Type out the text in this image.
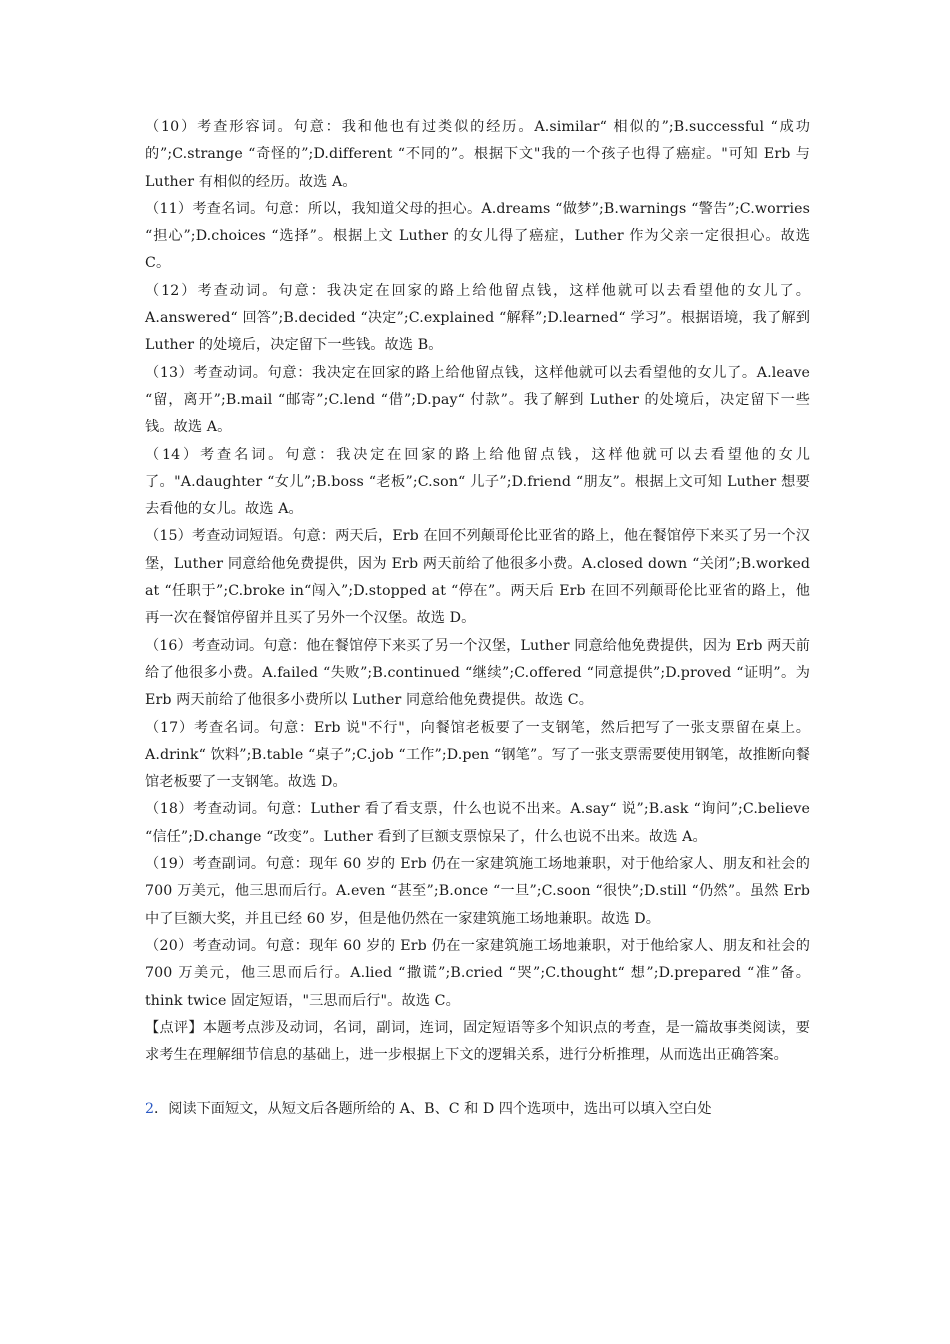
（10）考查形容词。句意：我和他也有过类似的经历。A.similar“ 相似的”;B.successful “成功的”;C.strange “奇怪的”;D.different “不同的”。根据下文"我的一个孩子也得了癌症。"可知 Erb 与 Luther 有相似的经历。故选 A。

（11）考查名词。句意：所以，我知道父母的担心。A.dreams “做梦”;B.warnings “警告”;C.worries “担心”;D.choices “选择”。根据上文 Luther 的女儿得了癌症，Luther 作为父亲一定很担心。故选 C。

（12）考查动词。句意：我决定在回家的路上给他留点钱，这样他就可以去看望他的女儿了。A.answered“ 回答”;B.decided “决定”;C.explained “解释”;D.learned“ 学习”。根据语境，我了解到 Luther 的处境后，决定留下一些钱。故选 B。

（13）考查动词。句意：我决定在回家的路上给他留点钱，这样他就可以去看望他的女儿了。A.leave “留，离开”;B.mail “邮寄”;C.lend “借”;D.pay“ 付款”。我了解到 Luther 的处境后，决定留下一些钱。故选 A。

（14）考查名词。句意：我决定在回家的路上给他留点钱，这样他就可以去看望他的女儿了。"A.daughter “女儿”;B.boss “老板”;C.son“ 儿子”;D.friend “朋友”。根据上文可知 Luther 想要去看他的女儿。故选 A。

（15）考查动词短语。句意：两天后，Erb 在回不列颠哥伦比亚省的路上，他在餐馆停下来买了另一个汉堡，Luther 同意给他免费提供，因为 Erb 两天前给了他很多小费。A.closed down “关闭”;B.worked at “任职于”;C.broke in“闯入”;D.stopped at “停在”。两天后 Erb 在回不列颠哥伦比亚省的路上，他再一次在餐馆停留并且买了另外一个汉堡。故选 D。

（16）考查动词。句意：他在餐馆停下来买了另一个汉堡，Luther 同意给他免费提供，因为 Erb 两天前给了他很多小费。A.failed “失败”;B.continued “继续”;C.offered “同意提供”;D.proved “证明”。为 Erb 两天前给了他很多小费所以 Luther 同意给他免费提供。故选 C。

（17）考查名词。句意：Erb 说"不行"，向餐馆老板要了一支钢笔，然后把写了一张支票留在桌上。A.drink“ 饮料”;B.table “桌子”;C.job “工作”;D.pen “钢笔”。写了一张支票需要使用钢笔，故推断向餐馆老板要了一支钢笔。故选 D。

（18）考查动词。句意：Luther 看了看支票，什么也说不出来。A.say“ 说”;B.ask “询问”;C.believe “信任”;D.change “改变”。Luther 看到了巨额支票惊呆了，什么也说不出来。故选 A。

（19）考查副词。句意：现年 60 岁的 Erb 仍在一家建筑施工场地兼职，对于他给家人、朋友和社会的 700 万美元，他三思而后行。A.even “甚至”;B.once “一旦”;C.soon “很快”;D.still “仍然”。虽然 Erb 中了巨额大奖，并且已经 60 岁，但是他仍然在一家建筑施工场地兼职。故选 D。

（20）考查动词。句意：现年 60 岁的 Erb 仍在一家建筑施工场地兼职，对于他给家人、朋友和社会的 700 万美元，他三思而后行。A.lied “撒谎”;B.cried “哭”;C.thought“ 想”;D.prepared “准”备。think twice 固定短语，"三思而后行"。故选 C。

【点评】本题考点涉及动词，名词，副词，连词，固定短语等多个知识点的考查，是一篇故事类阅读，要求考生在理解细节信息的基础上，进一步根据上下文的逻辑关系，进行分析推理，从而选出正确答案。

2．阅读下面短文，从短文后各题所给的 A、B、C 和 D 四个选项中，选出可以填入空白处
